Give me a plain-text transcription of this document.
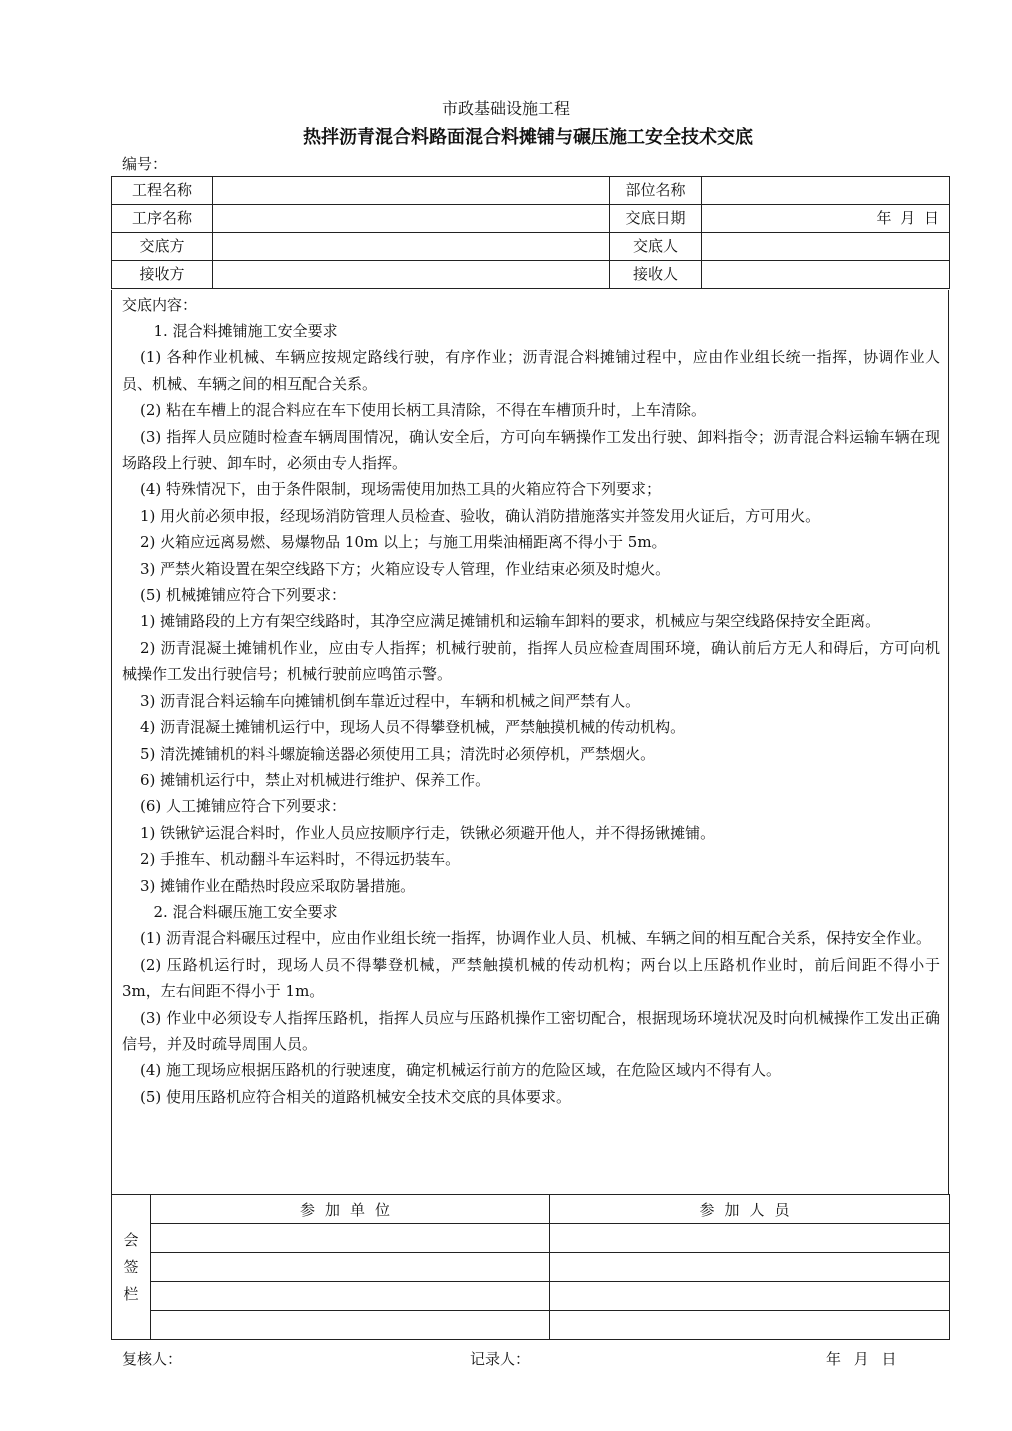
市政基础设施工程
热拌沥青混合料路面混合料摊铺与碾压施工安全技术交底
编号：
工程名称		部位名称	
工序名称		交底日期	年 月 日
交底方		交底人	
接收方		接收人	
交底内容：

1. 混合料摊铺施工安全要求

(1) 各种作业机械、车辆应按规定路线行驶，有序作业；沥青混合料摊铺过程中，应由作业组长统一指挥，协调作业人员、机械、车辆之间的相互配合关系。

(2) 粘在车槽上的混合料应在车下使用长柄工具清除，不得在车槽顶升时，上车清除。

(3) 指挥人员应随时检查车辆周围情况，确认安全后，方可向车辆操作工发出行驶、卸料指令；沥青混合料运输车辆在现场路段上行驶、卸车时，必须由专人指挥。

(4) 特殊情况下，由于条件限制，现场需使用加热工具的火箱应符合下列要求；

1) 用火前必须申报，经现场消防管理人员检查、验收，确认消防措施落实并签发用火证后，方可用火。

2) 火箱应远离易燃、易爆物品 10m 以上；与施工用柴油桶距离不得小于 5m。

3) 严禁火箱设置在架空线路下方；火箱应设专人管理，作业结束必须及时熄火。

(5) 机械摊铺应符合下列要求：

1) 摊铺路段的上方有架空线路时，其净空应满足摊铺机和运输车卸料的要求，机械应与架空线路保持安全距离。

2) 沥青混凝土摊铺机作业，应由专人指挥；机械行驶前，指挥人员应检查周围环境，确认前后方无人和碍后，方可向机械操作工发出行驶信号；机械行驶前应鸣笛示警。

3) 沥青混合料运输车向摊铺机倒车靠近过程中，车辆和机械之间严禁有人。

4) 沥青混凝土摊铺机运行中，现场人员不得攀登机械，严禁触摸机械的传动机构。

5) 清洗摊铺机的料斗螺旋输送器必须使用工具；清洗时必须停机，严禁烟火。

6) 摊铺机运行中，禁止对机械进行维护、保养工作。

(6) 人工摊铺应符合下列要求：

1) 铁锹铲运混合料时，作业人员应按顺序行走，铁锹必须避开他人，并不得扬锹摊铺。

2) 手推车、机动翻斗车运料时，不得远扔装车。

3) 摊铺作业在酷热时段应采取防暑措施。

2. 混合料碾压施工安全要求

(1) 沥青混合料碾压过程中，应由作业组长统一指挥，协调作业人员、机械、车辆之间的相互配合关系，保持安全作业。

(2) 压路机运行时，现场人员不得攀登机械，严禁触摸机械的传动机构；两台以上压路机作业时，前后间距不得小于 3m，左右间距不得小于 1m。

(3) 作业中必须设专人指挥压路机，指挥人员应与压路机操作工密切配合，根据现场环境状况及时向机械操作工发出正确信号，并及时疏导周围人员。

(4) 施工现场应根据压路机的行驶速度，确定机械运行前方的危险区域，在危险区域内不得有人。

(5) 使用压路机应符合相关的道路机械安全技术交底的具体要求。

会
签
栏	参加单位	参加人员

复核人：	记录人：	年 月 日
